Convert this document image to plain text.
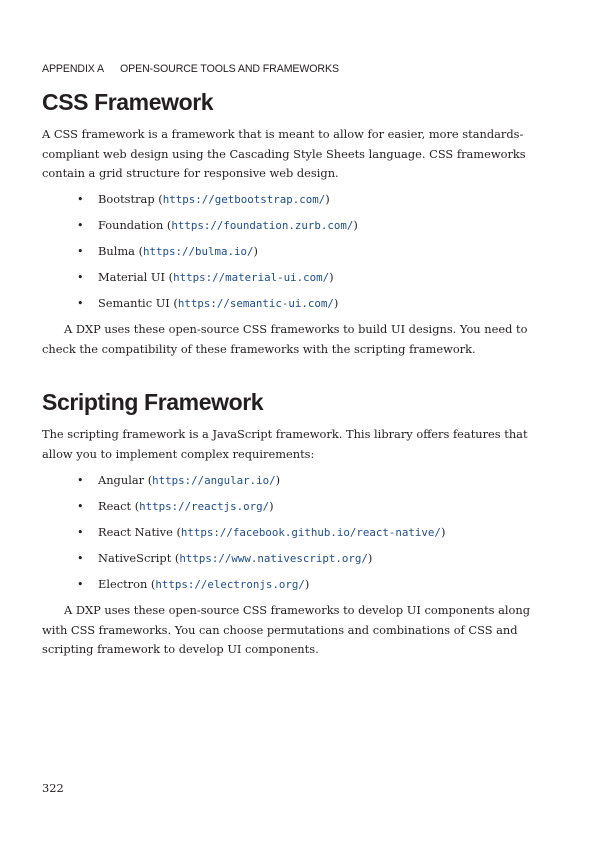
APPENDIX A OPEN-SOURCE TOOLS AND FRAMEWORKS
CSS Framework

A CSS framework is a framework that is meant to allow for easier, more standards-compliant web design using the Cascading Style Sheets language. CSS frameworks contain a grid structure for responsive web design.

• Bootstrap (https://getbootstrap.com/)
• Foundation (https://foundation.zurb.com/)
• Bulma (https://bulma.io/)
• Material UI (https://material-ui.com/)
• Semantic UI (https://semantic-ui.com/)

A DXP uses these open-source CSS frameworks to build UI designs. You need to check the compatibility of these frameworks with the scripting framework.

Scripting Framework

The scripting framework is a JavaScript framework. This library offers features that allow you to implement complex requirements:

• Angular (https://angular.io/)
• React (https://reactjs.org/)
• React Native (https://facebook.github.io/react-native/)
• NativeScript (https://www.nativescript.org/)
• Electron (https://electronjs.org/)

A DXP uses these open-source CSS frameworks to develop UI components along with CSS frameworks. You can choose permutations and combinations of CSS and scripting framework to develop UI components.

322
